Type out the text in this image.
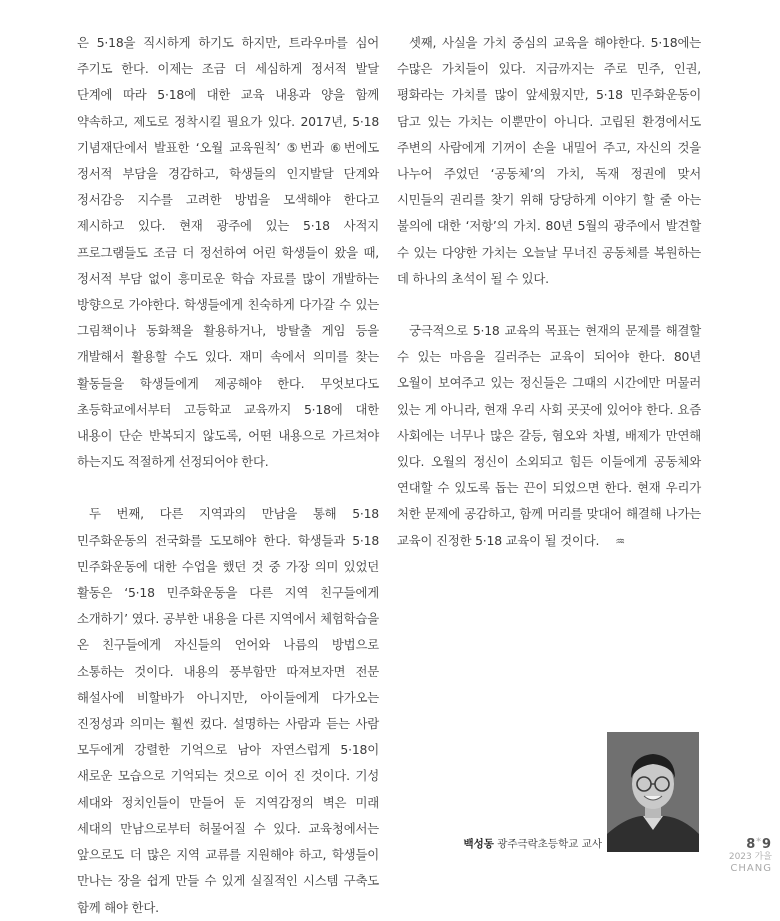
은 5·18을 직시하게 하기도 하지만, 트라우마를 심어 주기도 한다. 이제는 조금 더 세심하게 정서적 발달 단계에 따라 5·18에 대한 교육 내용과 양을 함께 약속하고, 제도로 정착시킬 필요가 있다. 2017년, 5·18 기념재단에서 발표한 ‘오월 교육원칙’ ⑤번과 ⑥번에도 정서적 부담을 경감하고, 학생들의 인지발달 단계와 정서감응 지수를 고려한 방법을 모색해야 한다고 제시하고 있다. 현재 광주에 있는 5·18 사적지 프로그램들도 조금 더 정선하여 어린 학생들이 왔을 때, 정서적 부담 없이 흥미로운 학습 자료를 많이 개발하는 방향으로 가야한다. 학생들에게 친숙하게 다가갈 수 있는 그림책이나 동화책을 활용하거나, 방탈출 게임 등을 개발해서 활용할 수도 있다. 재미 속에서 의미를 찾는 활동들을 학생들에게 제공해야 한다. 무엇보다도 초등학교에서부터 고등학교 교육까지 5·18에 대한 내용이 단순 반복되지 않도록, 어떤 내용으로 가르쳐야 하는지도 적절하게 선정되어야 한다.

두 번째, 다른 지역과의 만남을 통해 5·18 민주화운동의 전국화를 도모해야 한다. 학생들과 5·18 민주화운동에 대한 수업을 했던 것 중 가장 의미 있었던 활동은 ‘5·18 민주화운동을 다른 지역 친구들에게 소개하기’ 였다. 공부한 내용을 다른 지역에서 체험학습을 온 친구들에게 자신들의 언어와 나름의 방법으로 소통하는 것이다. 내용의 풍부함만 따져보자면 전문 해설사에 비할바가 아니지만, 아이들에게 다가오는 진정성과 의미는 훨씬 컸다. 설명하는 사람과 듣는 사람 모두에게 강렬한 기억으로 남아 자연스럽게 5·18이 새로운 모습으로 기억되는 것으로 이어 진 것이다. 기성 세대와 정치인들이 만들어 둔 지역감정의 벽은 미래 세대의 만남으로부터 허물어질 수 있다. 교육청에서는 앞으로도 더 많은 지역 교류를 지원해야 하고, 학생들이 만나는 장을 쉽게 만들 수 있게 실질적인 시스템 구축도 함께 해야 한다.

셋째, 사실을 가치 중심의 교육을 해야한다. 5·18에는 수많은 가치들이 있다. 지금까지는 주로 민주, 인권, 평화라는 가치를 많이 앞세웠지만, 5·18 민주화운동이 담고 있는 가치는 이뿐만이 아니다. 고립된 환경에서도 주변의 사람에게 기꺼이 손을 내밀어 주고, 자신의 것을 나누어 주었던 ‘공동체’의 가치, 독재 정권에 맞서 시민들의 권리를 찾기 위해 당당하게 이야기 할 줄 아는 불의에 대한 ‘저항’의 가치. 80년 5월의 광주에서 발견할 수 있는 다양한 가치는 오늘날 무너진 공동체를 복원하는 데 하나의 초석이 될 수 있다.

궁극적으로 5·18 교육의 목표는 현재의 문제를 해결할 수 있는 마음을 길러주는 교육이 되어야 한다. 80년 오월이 보여주고 있는 정신들은 그때의 시간에만 머물러 있는 게 아니라, 현재 우리 사회 곳곳에 있어야 한다. 요즘 사회에는 너무나 많은 갈등, 혐오와 차별, 배제가 만연해 있다. 오월의 정신이 소외되고 힘든 이들에게 공동체와 연대할 수 있도록 돕는 끈이 되었으면 한다. 현재 우리가 처한 문제에 공감하고, 함께 머리를 맞대어 해결해 나가는 교육이 진정한 5·18 교육이 될 것이다. ♒

백성동 광주극락초등학교 교사	8*9
2023 가을
CHANG
